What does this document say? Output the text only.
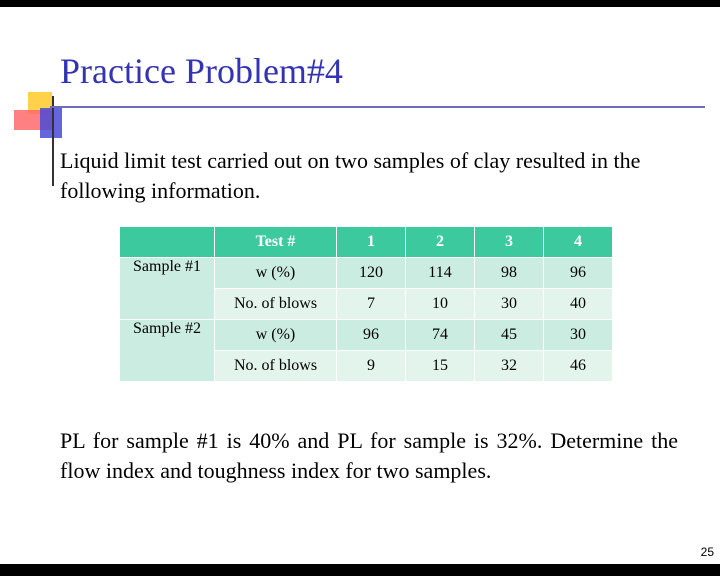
Practice Problem#4
Liquid limit test carried out on two samples of clay resulted in the following information.
	Test #	1	2	3	4
Sample #1	w (%)	120	114	98	96
	No. of blows	7	10	30	40
Sample #2	w (%)	96	74	45	30
	No. of blows	9	15	32	46
PL for sample #1 is 40% and PL for sample is 32%. Determine the flow index and toughness index for two samples.
25
